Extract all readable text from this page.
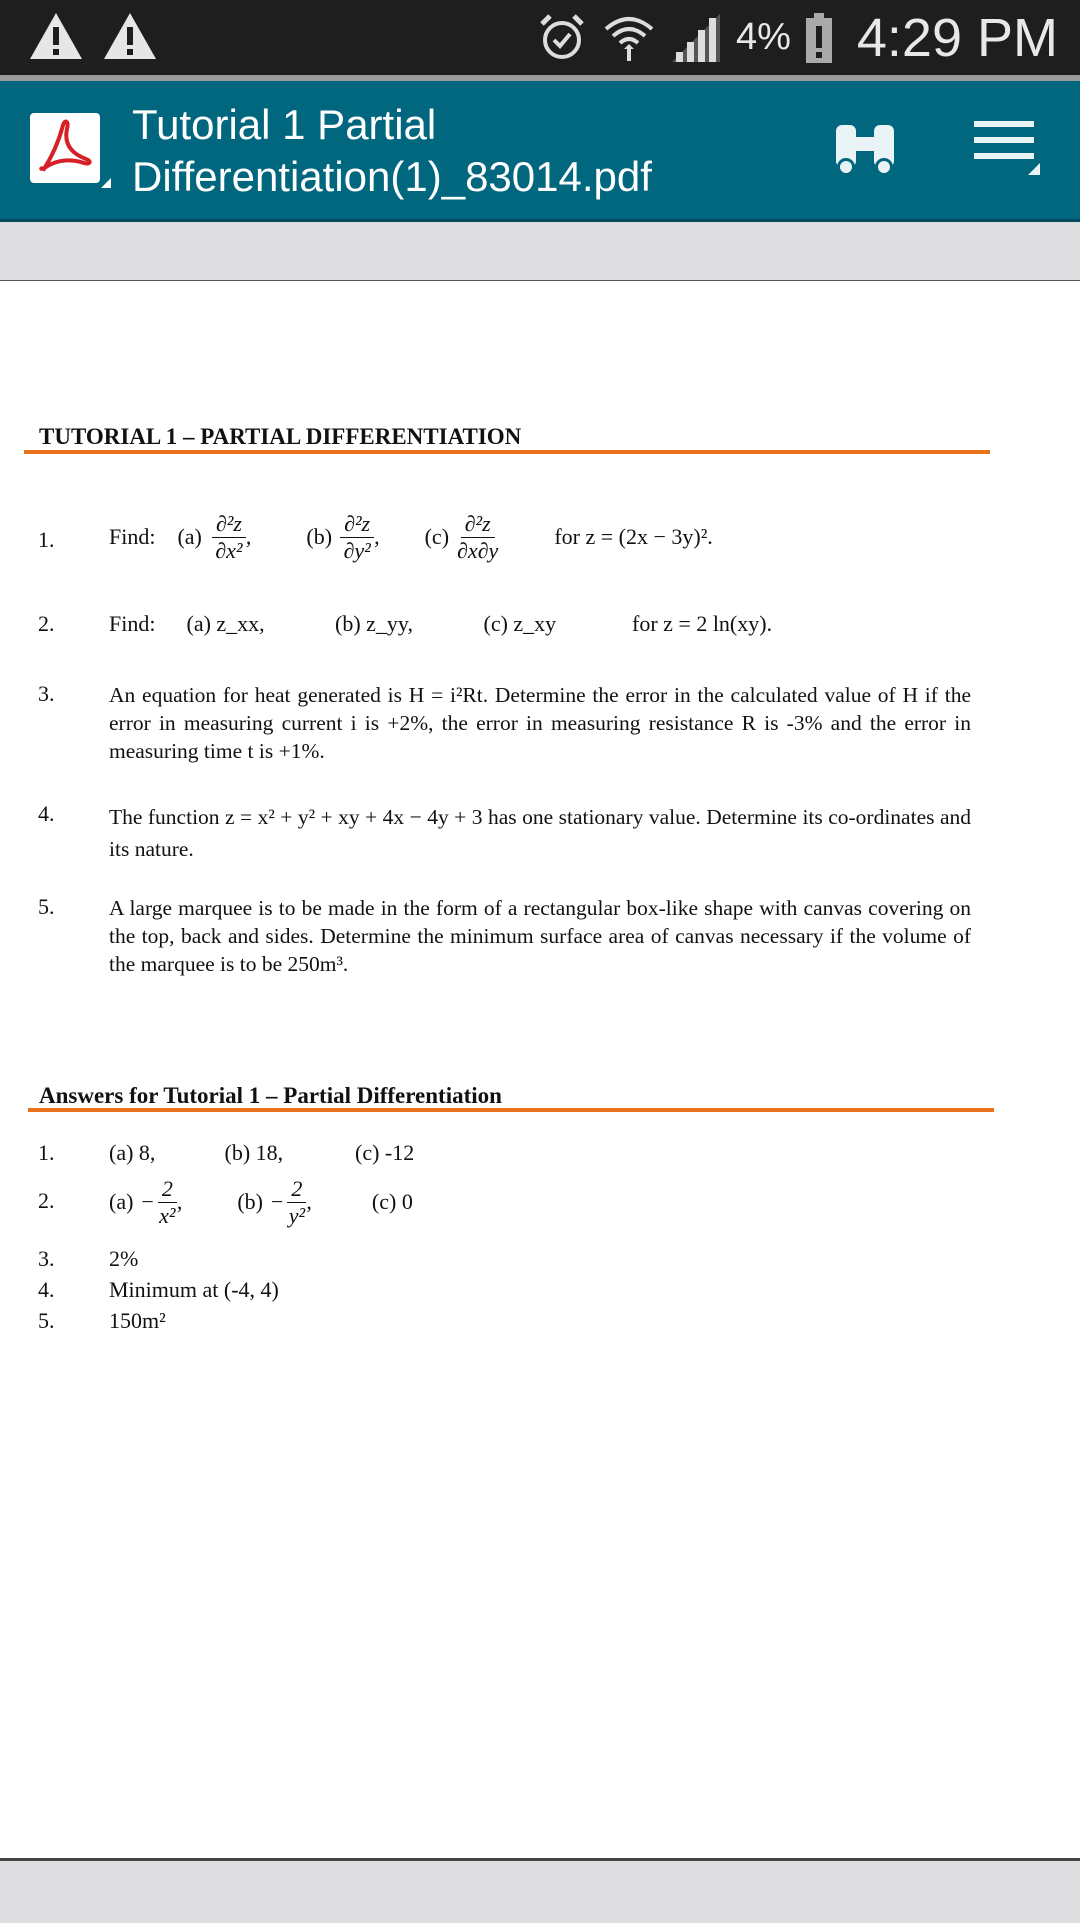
4% 4:29 PM
Tutorial 1 Partial
Differentiation(1)_83014.pdf
TUTORIAL 1 – PARTIAL DIFFERENTIATION
1. Find: $(a) \frac{\text{∂²z}}{\text{∂x²}}$ ,	$(b) \frac{\text{∂²z}}{\text{∂y²}}$ , $(c) \frac{\text{∂²z}}{\partial x\partial y}$	for z = (2x − 3y)².
2. Find: (a) z_xx,	(b) z_yy,	(c) z_xy	for z = 2 ln(xy).
3.	An equation for heat generated is H = i²Rt. Determine the error in the calculated value of H if the error in measuring current i is +2%, the error in measuring resistance R is -3% and the error in measuring time t is +1%.
4.	The function z = x² + y² + xy + 4x − 4y + 3 has one stationary value. Determine its co-ordinates and its nature.
5.	A large marquee is to be made in the form of a rectangular box-like shape with canvas covering on the top, back and sides. Determine the minimum surface area of canvas necessary if the volume of the marquee is to be 250m³.
Answers for Tutorial 1 – Partial Differentiation
1. (a) 8,	(b) 18,	(c) -12
2. $(a) - \frac{2}{\text{x²}}$ ,	$(b) - \frac{2}{\text{y²}}$ ,	(c) 0
3. 2%
4. Minimum at (-4, 4)
5. 150m²
